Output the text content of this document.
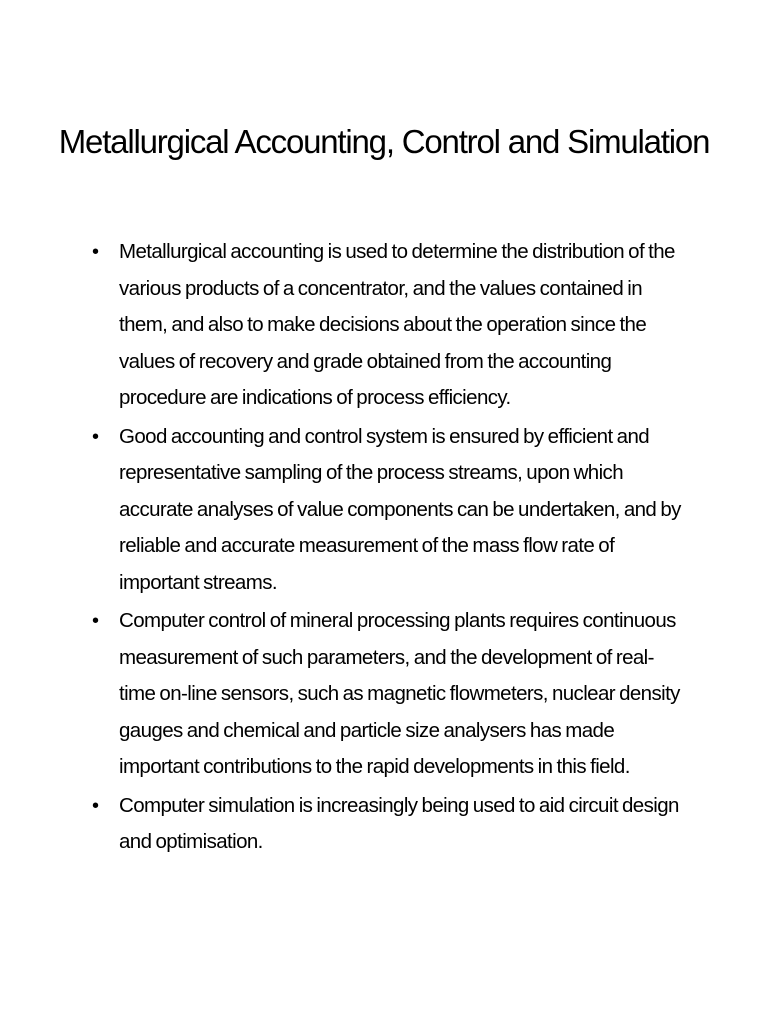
Metallurgical Accounting, Control and Simulation
• Metallurgical accounting is used to determine the distribution of the various products of a concentrator, and the values contained in them, and also to make decisions about the operation since the values of recovery and grade obtained from the accounting procedure are indications of process efficiency.
• Good accounting and control system is ensured by efficient and representative sampling of the process streams, upon which accurate analyses of value components can be undertaken, and by reliable and accurate measurement of the mass flow rate of important streams.
• Computer control of mineral processing plants requires continuous measurement of such parameters, and the development of real-time on-line sensors, such as magnetic flowmeters, nuclear density gauges and chemical and particle size analysers has made important contributions to the rapid developments in this field.
• Computer simulation is increasingly being used to aid circuit design and optimisation.
